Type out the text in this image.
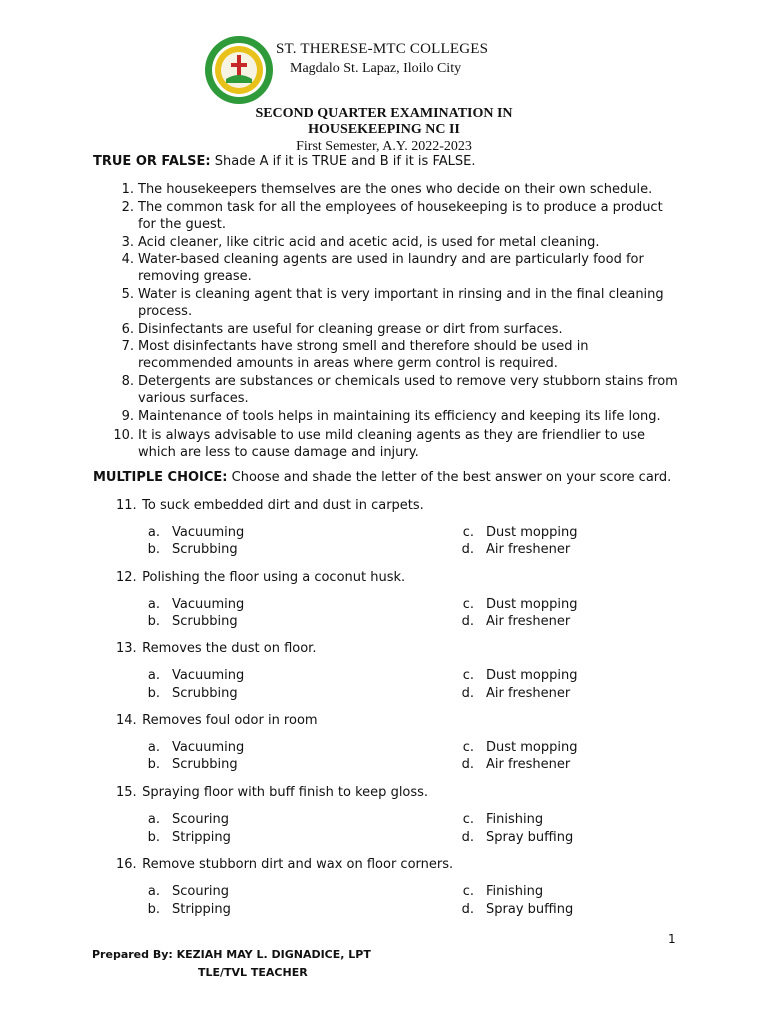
ST. THERESE-MTC COLLEGES
Magdalo St. Lapaz, Iloilo City
SECOND QUARTER EXAMINATION IN
HOUSEKEEPING NC II
First Semester, A.Y. 2022-2023
TRUE OR FALSE: Shade A if it is TRUE and B if it is FALSE.
1. The housekeepers themselves are the ones who decide on their own schedule.
2. The common task for all the employees of housekeeping is to produce a product for the guest.
3. Acid cleaner, like citric acid and acetic acid, is used for metal cleaning.
4. Water-based cleaning agents are used in laundry and are particularly food for removing grease.
5. Water is cleaning agent that is very important in rinsing and in the final cleaning process.
6. Disinfectants are useful for cleaning grease or dirt from surfaces.
7. Most disinfectants have strong smell and therefore should be used in recommended amounts in areas where germ control is required.
8. Detergents are substances or chemicals used to remove very stubborn stains from various surfaces.
9. Maintenance of tools helps in maintaining its efficiency and keeping its life long.
10. It is always advisable to use mild cleaning agents as they are friendlier to use which are less to cause damage and injury.
MULTIPLE CHOICE: Choose and shade the letter of the best answer on your score card.
11. To suck embedded dirt and dust in carpets.
a. Vacuuming
b. Scrubbing
c. Dust mopping
d. Air freshener
12. Polishing the floor using a coconut husk.
a. Vacuuming
b. Scrubbing
c. Dust mopping
d. Air freshener
13. Removes the dust on floor.
a. Vacuuming
b. Scrubbing
c. Dust mopping
d. Air freshener
14. Removes foul odor in room
a. Vacuuming
b. Scrubbing
c. Dust mopping
d. Air freshener
15. Spraying floor with buff finish to keep gloss.
a. Scouring
b. Stripping
c. Finishing
d. Spray buffing
16. Remove stubborn dirt and wax on floor corners.
a. Scouring
b. Stripping
c. Finishing
d. Spray buffing
1
Prepared By: KEZIAH MAY L. DIGNADICE, LPT
TLE/TVL TEACHER
